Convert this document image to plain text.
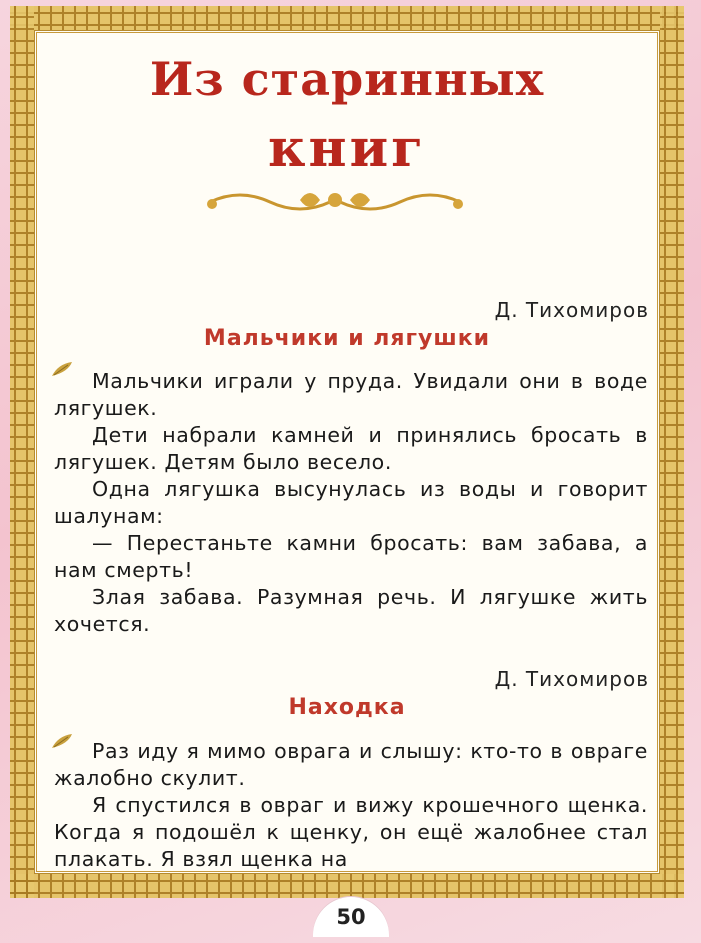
Из старинных
книг
Д. Тихомиров
Мальчики и лягушки
Мальчики играли у пруда. Увидали они в воде лягушек.
Дети набрали камней и принялись бросать в лягушек. Детям было весело.
Одна лягушка высунулась из воды и говорит шалунам:
— Перестаньте камни бросать: вам забава, а нам смерть!
Злая забава. Разумная речь. И лягушке жить хочется.
Д. Тихомиров
Находка
Раз иду я мимо оврага и слышу: кто-то в овраге жалобно скулит.
Я спустился в овраг и вижу крошечного щенка. Когда я подошёл к щенку, он ещё жалобнее стал плакать. Я взял щенка на
50
